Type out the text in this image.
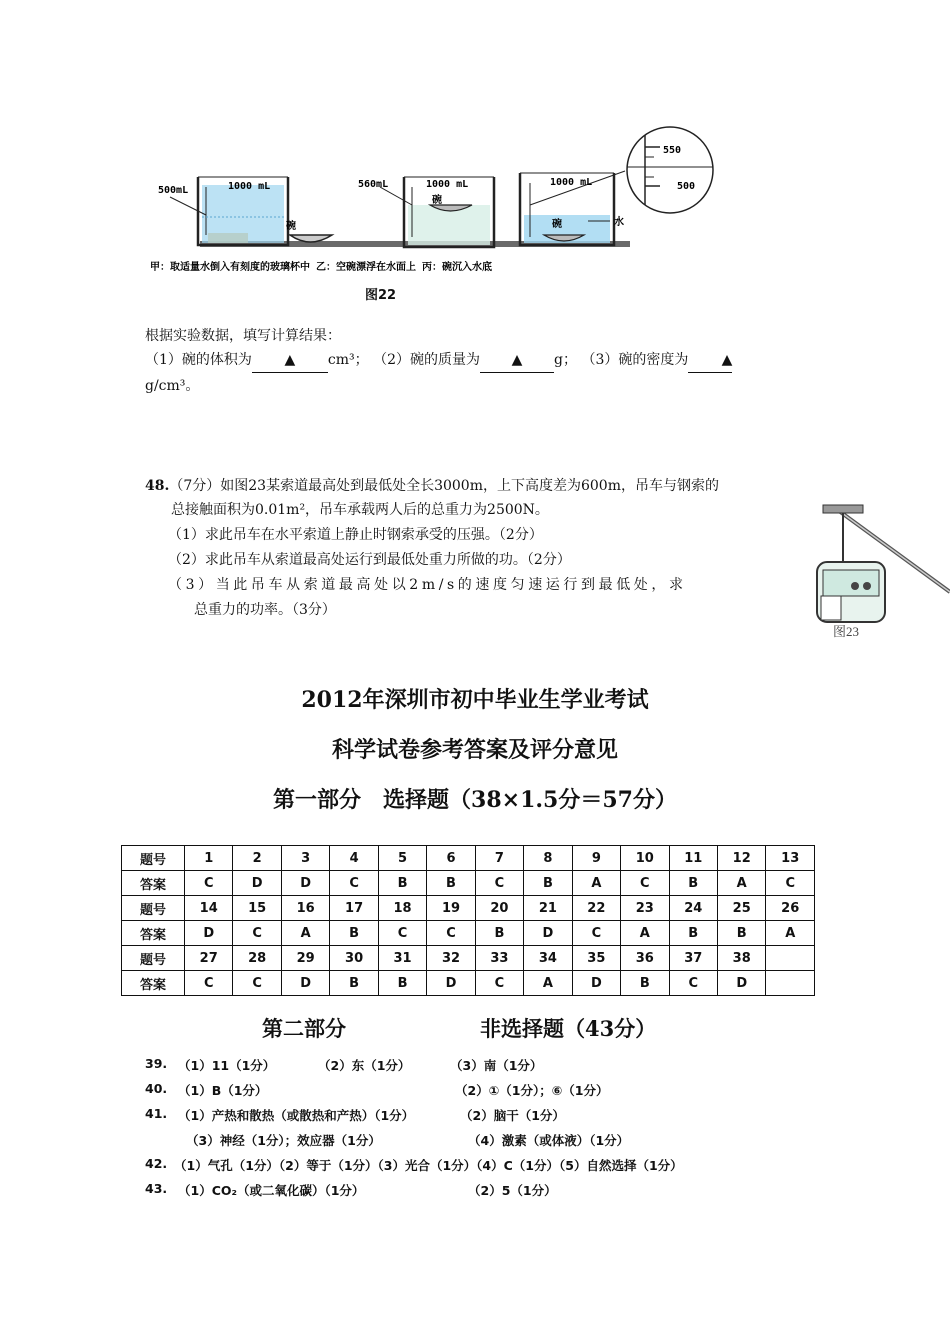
500mL	1000 mL
碗
560mL	1000 mL
碗
1000 mL
碗	水
550
500
甲：取适量水倒入有刻度的玻璃杯中 乙：空碗漂浮在水面上 丙：碗沉入水底
图22
根据实验数据，填写计算结果：
（1）碗的体积为 ▲ cm³； （2）碗的质量为 ▲ g； （3）碗的密度为 ▲
g/cm³。
48.（7分）如图23某索道最高处到最低处全长3000m，上下高度差为600m，吊车与钢索的
总接触面积为0.01m²，吊车承载两人后的总重力为2500N。
（1）求此吊车在水平索道上静止时钢索承受的压强。（2分）
（2）求此吊车从索道最高处运行到最低处重力所做的功。（2分）
（3）当此吊车从索道最高处以2m/s的速度匀速运行到最低处，求
总重力的功率。（3分）
图23
2012年深圳市初中毕业生学业考试
科学试卷参考答案及评分意见
第一部分　选择题（38×1.5分＝57分）
题号	1	2	3	4	5	6	7	8	9	10	11	12	13
答案	C	D	D	C	B	B	C	B	A	C	B	A	C
题号	14	15	16	17	18	19	20	21	22	23	24	25	26
答案	D	C	A	B	C	C	B	D	C	A	B	B	A
题号	27	28	29	30	31	32	33	34	35	36	37	38	
答案	C	C	D	B	B	D	C	A	D	B	C	D	
第二部分	非选择题（43分）
39. （1）11（1分）	（2）东（1分）	（3）南（1分）
40. （1）B（1分）	（2）①（1分）；⑥（1分）
41. （1）产热和散热（或散热和产热）（1分）	（2）脑干（1分）
（3）神经（1分）；效应器（1分）	（4）激素（或体液）（1分）
42. （1）气孔（1分）（2）等于（1分）（3）光合（1分）（4）C（1分）（5）自然选择（1分）
43. （1）CO₂（或二氧化碳）（1分）	（2）5（1分）
